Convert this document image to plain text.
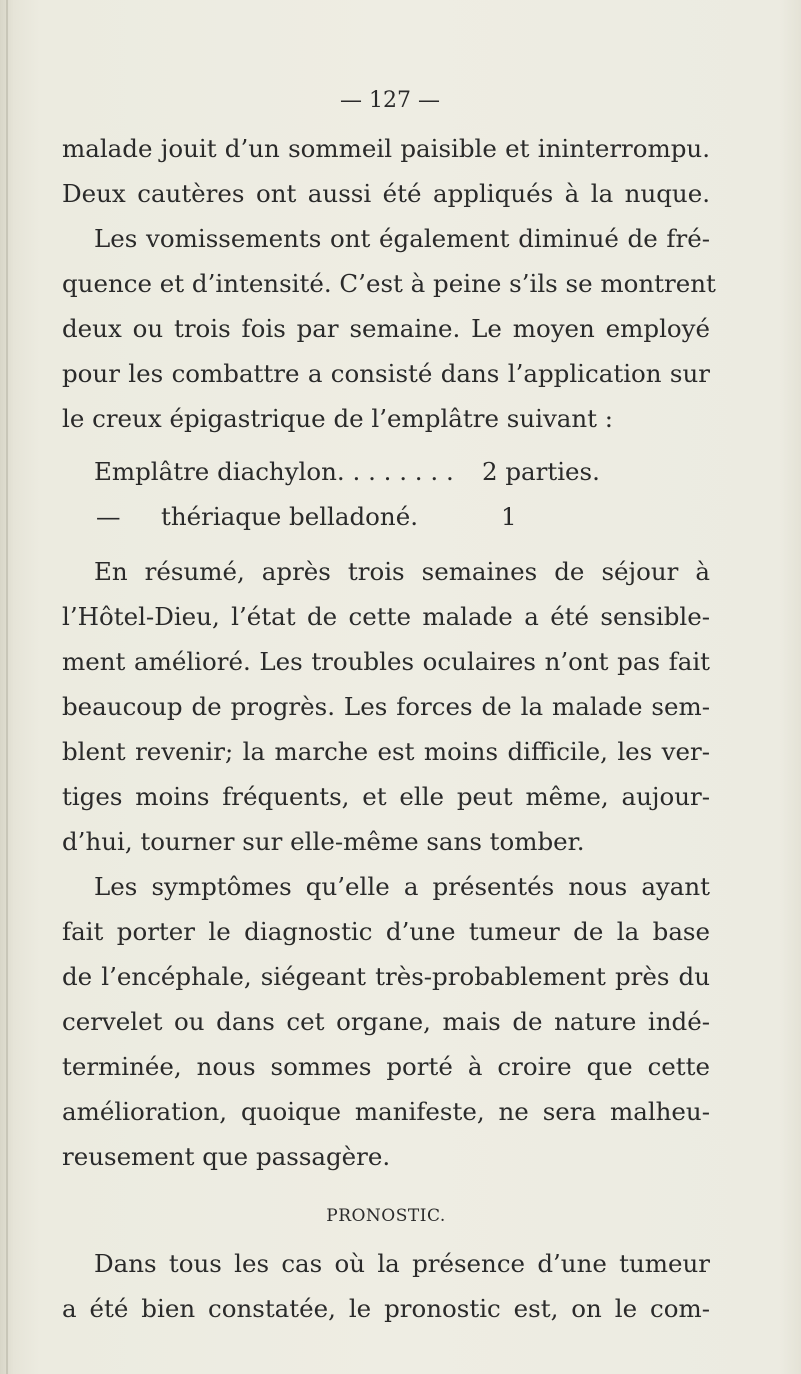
— 127 —
malade jouit d’un sommeil paisible et ininterrompu.
Deux cautères ont aussi été appliqués à la nuque.
Les vomissements ont également diminué de fré-
quence et d’intensité. C’est à peine s’ils se montrent
deux ou trois fois par semaine. Le moyen employé
pour les combattre a consisté dans l’application sur
le creux épigastrique de l’emplâtre suivant :
Emplâtre diachylon. . . . . . . .	2 parties.
—	thériaque belladoné.	1
En résumé, après trois semaines de séjour à
l’Hôtel-Dieu, l’état de cette malade a été sensible-
ment amélioré. Les troubles oculaires n’ont pas fait
beaucoup de progrès. Les forces de la malade sem-
blent revenir; la marche est moins difficile, les ver-
tiges moins fréquents, et elle peut même, aujour-
d’hui, tourner sur elle-même sans tomber.
Les symptômes qu’elle a présentés nous ayant
fait porter le diagnostic d’une tumeur de la base
de l’encéphale, siégeant très-probablement près du
cervelet ou dans cet organe, mais de nature indé-
terminée, nous sommes porté à croire que cette
amélioration, quoique manifeste, ne sera malheu-
reusement que passagère.
PRONOSTIC.
Dans tous les cas où la présence d’une tumeur
a été bien constatée, le pronostic est, on le com-
